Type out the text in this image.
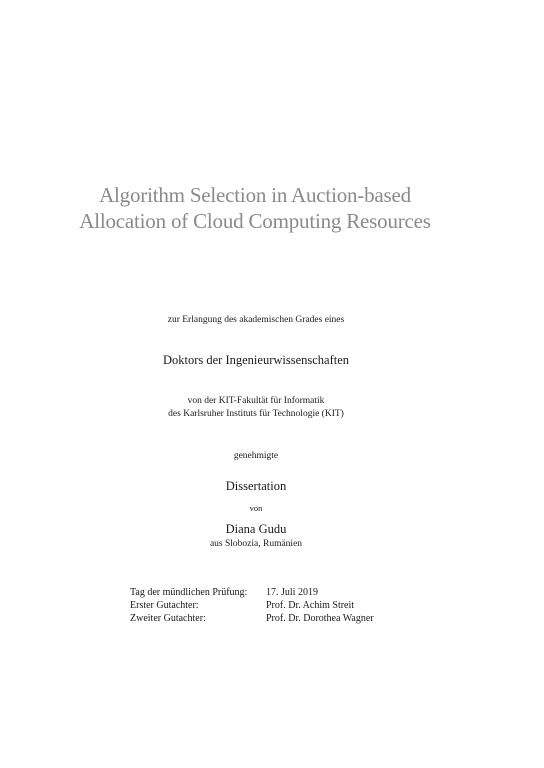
Algorithm Selection in Auction-based
Allocation of Cloud Computing Resources
zur Erlangung des akademischen Grades eines
Doktors der Ingenieurwissenschaften
von der KIT-Fakultät für Informatik
des Karlsruher Instituts für Technologie (KIT)
genehmigte
Dissertation
von
Diana Gudu
aus Slobozia, Rumänien
Tag der mündlichen Prüfung:	17. Juli 2019
Erster Gutachter:	Prof. Dr. Achim Streit
Zweiter Gutachter:	Prof. Dr. Dorothea Wagner
